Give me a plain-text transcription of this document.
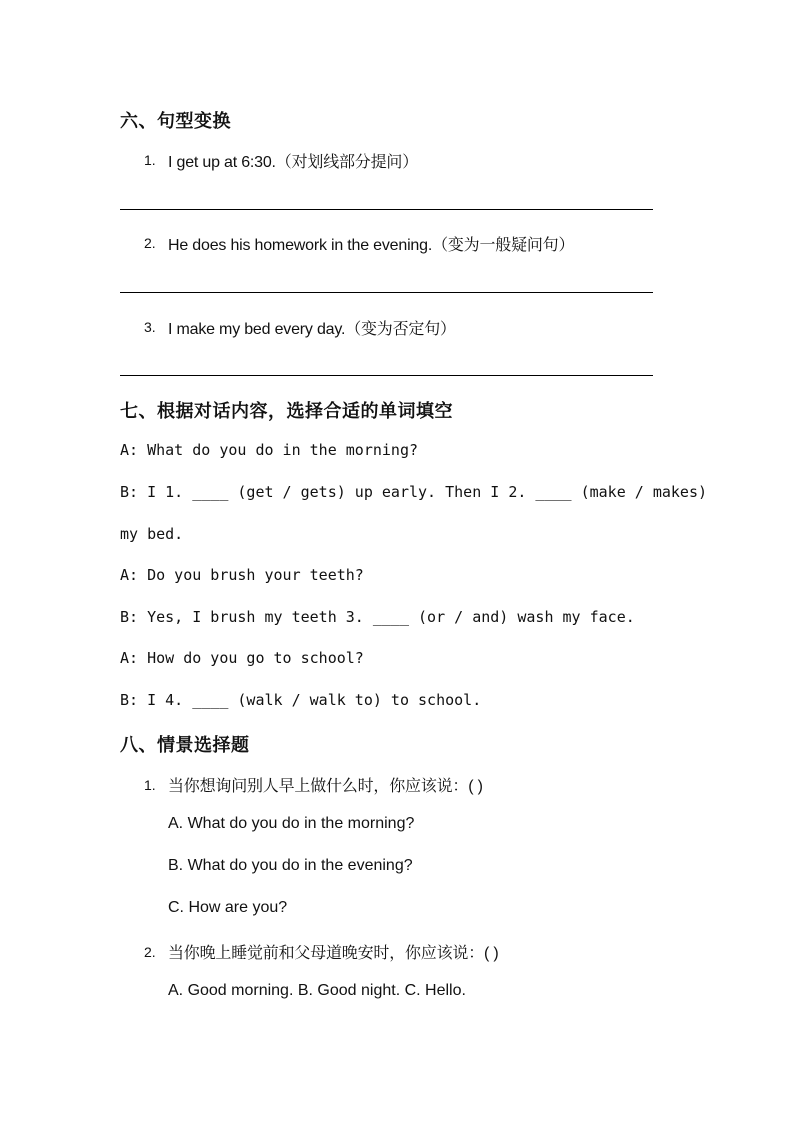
六、句型变换
1. I get up at 6:30.（对划线部分提问）
2. He does his homework in the evening.（变为一般疑问句）
3. I make my bed every day.（变为否定句）
七、根据对话内容，选择合适的单词填空
A: What do you do in the morning?
B: I 1. ____ (get / gets) up early. Then I 2. ____ (make / makes)
my bed.
A: Do you brush your teeth?
B: Yes, I brush my teeth 3. ____ (or / and) wash my face.
A: How do you go to school?
B: I 4. ____ (walk / walk to) to school.
八、情景选择题
1. 当你想询问别人早上做什么时，你应该说：( )
A. What do you do in the morning?
B. What do you do in the evening?
C. How are you?
2. 当你晚上睡觉前和父母道晚安时，你应该说：( )
A. Good morning. B. Good night. C. Hello.
